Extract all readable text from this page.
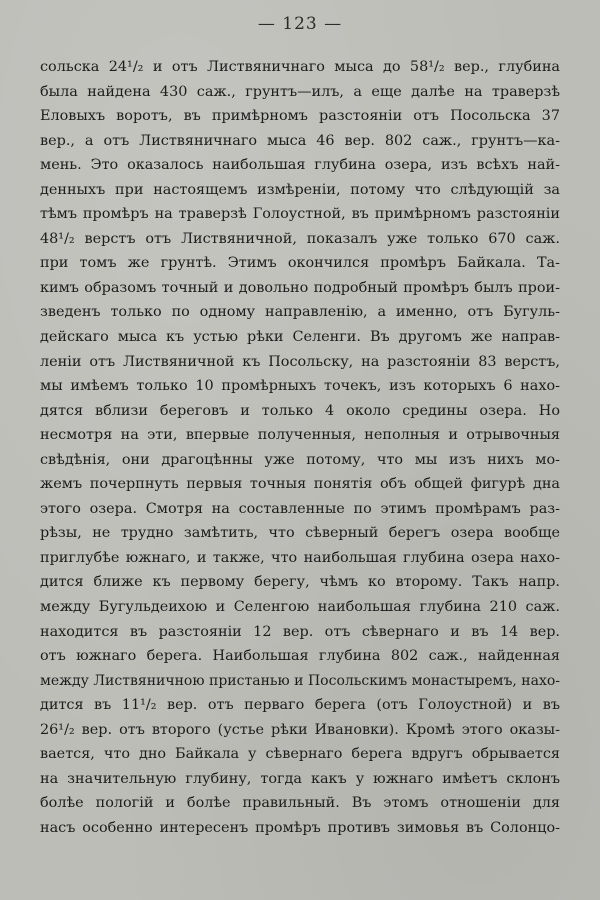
— 123 —
сольска 24¹/₂ и отъ Листвяничнаго мыса до 58¹/₂ вер., глубина
была найдена 430 саж., грунтъ—илъ, а еще далѣе на траверзѣ
Еловыхъ воротъ, въ примѣрномъ разстояніи отъ Посольска 37
вер., а отъ Листвяничнаго мыса 46 вер. 802 саж., грунтъ—ка-
мень. Это оказалось наибольшая глубина озера, изъ всѣхъ най-
денныхъ при настоящемъ измѣреніи, потому что слѣдующій за
тѣмъ промѣръ на траверзѣ Голоустной, въ примѣрномъ разстояніи
48¹/₂ верстъ отъ Листвяничной, показалъ уже только 670 саж.
при томъ же грунтѣ. Этимъ окончился промѣръ Байкала. Та-
кимъ образомъ точный и довольно подробный промѣръ былъ прои-
зведенъ только по одному направленію, а именно, отъ Бугуль-
дейскаго мыса къ устью рѣки Селенги. Въ другомъ же направ-
леніи отъ Листвяничной къ Посольску, на разстояніи 83 верстъ,
мы имѣемъ только 10 промѣрныхъ точекъ, изъ которыхъ 6 нахо-
дятся вблизи береговъ и только 4 около средины озера. Но
несмотря на эти, впервые полученныя, неполныя и отрывочныя
свѣдѣнія, они драгоцѣнны уже потому, что мы изъ нихъ мо-
жемъ почерпнуть первыя точныя понятія объ общей фигурѣ дна
этого озера. Смотря на составленные по этимъ промѣрамъ раз-
рѣзы, не трудно замѣтить, что сѣверный берегъ озера вообще
приглубѣе южнаго, и также, что наибольшая глубина озера нахо-
дится ближе къ первому берегу, чѣмъ ко второму. Такъ напр.
между Бугульдеихою и Селенгою наибольшая глубина 210 саж.
находится въ разстояніи 12 вер. отъ сѣвернаго и въ 14 вер.
отъ южнаго берега. Наибольшая глубина 802 саж., найденная
между Листвяничною пристанью и Посольскимъ монастыремъ, нахо-
дится въ 11¹/₂ вер. отъ перваго берега (отъ Голоустной) и въ
26¹/₂ вер. отъ второго (устье рѣки Ивановки). Кромѣ этого оказы-
вается, что дно Байкала у сѣвернаго берега вдругъ обрывается
на значительную глубину, тогда какъ у южнаго имѣетъ склонъ
болѣе пологій и болѣе правильный. Въ этомъ отношеніи для
насъ особенно интересенъ промѣръ противъ зимовья въ Солонцо-
